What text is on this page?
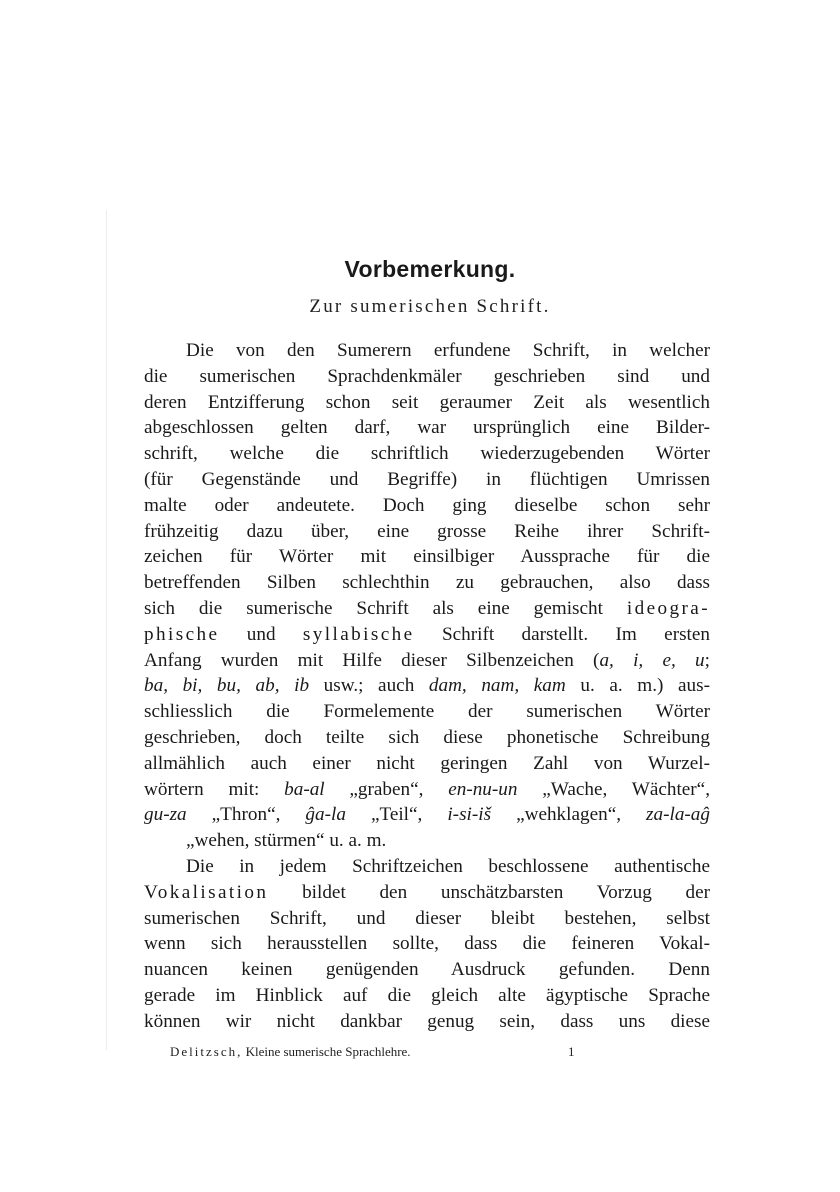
Vorbemerkung.
Zur sumerischen Schrift.
Die von den Sumerern erfundene Schrift, in welcher
die sumerischen Sprachdenkmäler geschrieben sind und
deren Entzifferung schon seit geraumer Zeit als wesentlich
abgeschlossen gelten darf, war ursprünglich eine Bilder-
schrift, welche die schriftlich wiederzugebenden Wörter
(für Gegenstände und Begriffe) in flüchtigen Umrissen
malte oder andeutete. Doch ging dieselbe schon sehr
frühzeitig dazu über, eine grosse Reihe ihrer Schrift-
zeichen für Wörter mit einsilbiger Aussprache für die
betreffenden Silben schlechthin zu gebrauchen, also dass
sich die sumerische Schrift als eine gemischt ideogra-
phische und syllabische Schrift darstellt. Im ersten
Anfang wurden mit Hilfe dieser Silbenzeichen (a, i, e, u;
ba, bi, bu, ab, ib usw.; auch dam, nam, kam u. a. m.) aus-
schliesslich die Formelemente der sumerischen Wörter
geschrieben, doch teilte sich diese phonetische Schreibung
allmählich auch einer nicht geringen Zahl von Wurzel-
wörtern mit: ba-al „graben“, en-nu-un „Wache, Wächter“,
gu-za „Thron“, ĝa-la „Teil“, i-si-iš „wehklagen“, za-la-aĝ
„wehen, stürmen“ u. a. m.
Die in jedem Schriftzeichen beschlossene authentische
Vokalisation bildet den unschätzbarsten Vorzug der
sumerischen Schrift, und dieser bleibt bestehen, selbst
wenn sich herausstellen sollte, dass die feineren Vokal-
nuancen keinen genügenden Ausdruck gefunden. Denn
gerade im Hinblick auf die gleich alte ägyptische Sprache
können wir nicht dankbar genug sein, dass uns diese
Delitzsch, Kleine sumerische Sprachlehre.	1
